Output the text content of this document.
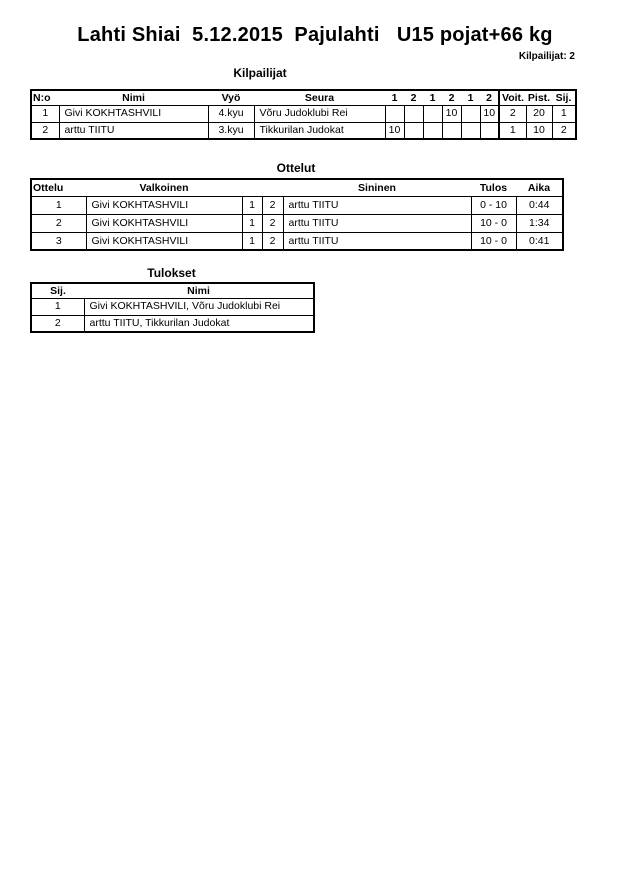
Lahti Shiai  5.12.2015  Pajulahti   U15 pojat+66 kg
Kilpailijat: 2
Kilpailijat
N:o	Nimi	Vyö	Seura	1	2	1	2	1	2	Voit.	Pist.	Sij.
1	Givi KOKHTASHVILI	4.kyu	Võru Judoklubi Rei				10		10	2	20	1
2	arttu TIITU	3.kyu	Tikkurilan Judokat	10						1	10	2
Ottelut
Ottelu	Valkoinen			Sininen	Tulos	Aika
1	Givi KOKHTASHVILI	1	2	arttu TIITU	0 - 10	0:44
2	Givi KOKHTASHVILI	1	2	arttu TIITU	10 - 0	1:34
3	Givi KOKHTASHVILI	1	2	arttu TIITU	10 - 0	0:41
Tulokset
Sij.	Nimi
1	Givi KOKHTASHVILI, Võru Judoklubi Rei
2	arttu TIITU, Tikkurilan Judokat
